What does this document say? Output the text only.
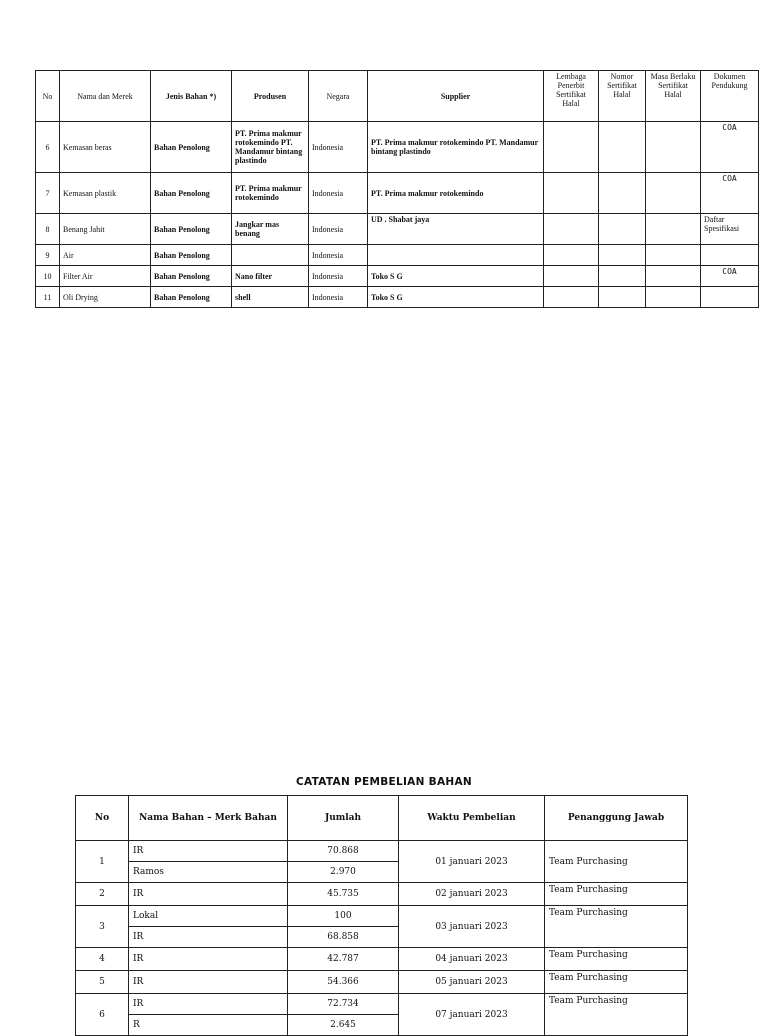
No	Nama dan Merek	Jenis Bahan *)	Produsen	Negara	Supplier	Lembaga Penerbit Sertifikat Halal	Nomor Sertifikat Halal	Masa Berlaku Sertifikat Halal	Dokumen Pendukung
6	Kemasan beras	Bahan Penolong	PT. Prima makmur rotokemindo PT. Mandamur bintang plastindo	Indonesia	PT. Prima makmur rotokemindo PT. Mandamur bintang plastindo				COA
7	Kemasan plastik	Bahan Penolong	PT. Prima makmur rotokemindo	Indonesia	PT. Prima makmur rotokemindo				COA
8	Benang Jahit	Bahan Penolong	Jangkar mas benang	Indonesia	UD . Shabat jaya				Daftar Spesifikasi
9	Air	Bahan Penolong		Indonesia					
10	Filter Air	Bahan Penolong	Nano filter	Indonesia	Toko S G				COA
11	Oli Drying	Bahan Penolong	shell	Indonesia	Toko S G				
CATATAN PEMBELIAN BAHAN
No	Nama Bahan – Merk Bahan	Jumlah	Waktu Pembelian	Penanggung Jawab
1	IR	70.868	01 januari 2023	Team Purchasing
	Ramos	2.970		
2	IR	45.735	02 januari 2023	Team Purchasing
3	Lokal	100	03 januari 2023	Team Purchasing
	IR	68.858		
4	IR	42.787	04 januari 2023	Team Purchasing
5	IR	54.366	05 januari 2023	Team Purchasing
6	IR	72.734	07 januari 2023	Team Purchasing
	R	2.645		
